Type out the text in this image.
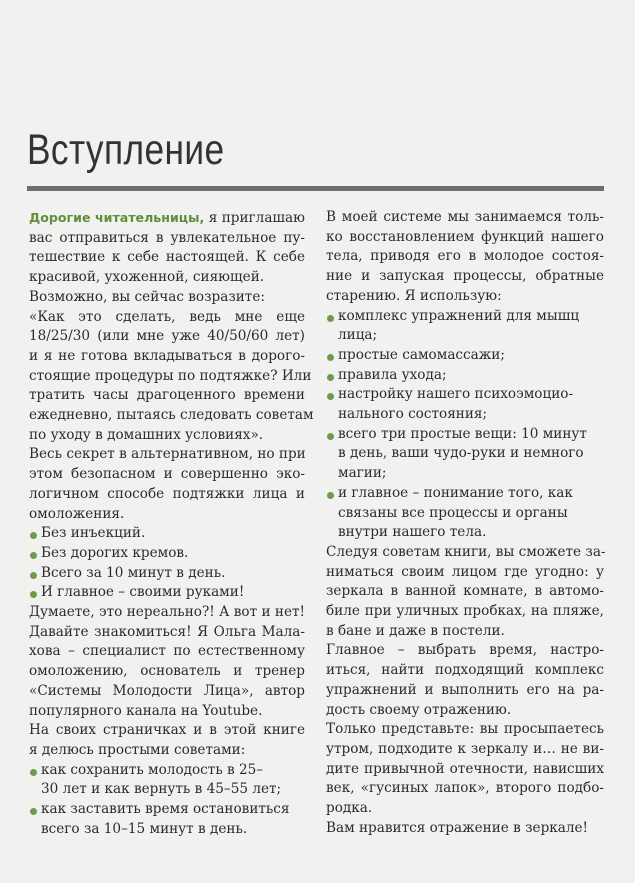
Вступление
Дорогие читательницы, я приглашаю
вас отправиться в увлекательное пу-
тешествие к себе настоящей. К себе
красивой, ухоженной, сияющей.
Возможно, вы сейчас возразите:
«Как это сделать, ведь мне еще
18/25/30 (или мне уже 40/50/60 лет)
и я не готова вкладываться в дорого-
стоящие процедуры по подтяжке? Или
тратить часы драгоценного времени
ежедневно, пытаясь следовать советам
по уходу в домашних условиях».
Весь секрет в альтернативном, но при
этом безопасном и совершенно эко-
логичном способе подтяжки лица и
омоложения.
Без инъекций.
Без дорогих кремов.
Всего за 10 минут в день.
И главное – своими руками!
Думаете, это нереально?! А вот и нет!
Давайте знакомиться! Я Ольга Мала-
хова – специалист по естественному
омоложению, основатель и тренер
«Системы Молодости Лица», автор
популярного канала на Youtube.
На своих страничках и в этой книге
я делюсь простыми советами:
как сохранить молодость в 25–
30 лет и как вернуть в 45–55 лет;
как заставить время остановиться
всего за 10–15 минут в день.
В моей системе мы занимаемся толь-
ко восстановлением функций нашего
тела, приводя его в молодое состоя-
ние и запуская процессы, обратные
старению. Я использую:
комплекс упражнений для мышц
лица;
простые самомассажи;
правила ухода;
настройку нашего психоэмоцио-
нального состояния;
всего три простые вещи: 10 минут
в день, ваши чудо-руки и немного
магии;
и главное – понимание того, как
связаны все процессы и органы
внутри нашего тела.
Следуя советам книги, вы сможете за-
ниматься своим лицом где угодно: у
зеркала в ванной комнате, в автомо-
биле при уличных пробках, на пляже,
в бане и даже в постели.
Главное – выбрать время, настро-
иться, найти подходящий комплекс
упражнений и выполнить его на ра-
дость своему отражению.
Только представьте: вы просыпаетесь
утром, подходите к зеркалу и… не ви-
дите привычной отечности, нависших
век, «гусиных лапок», второго подбо-
родка.
Вам нравится отражение в зеркале!
